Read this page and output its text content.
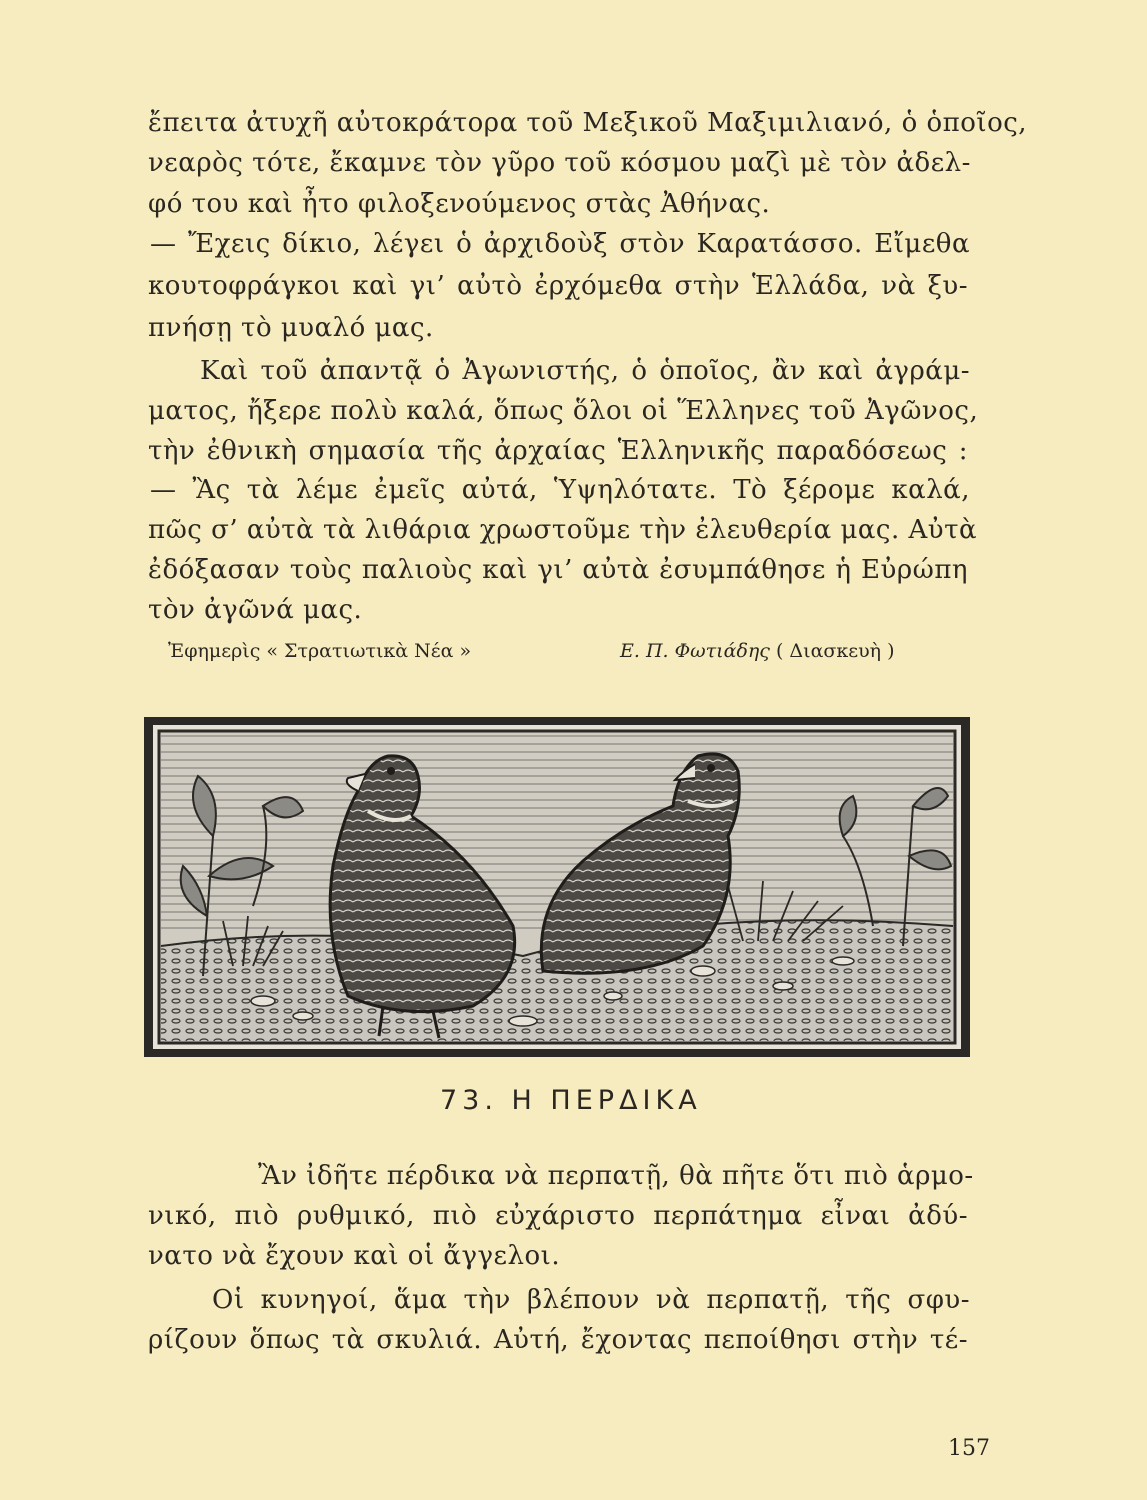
ἔπειτα ἀτυχῆ αὐτοκράτορα τοῦ Μεξικοῦ Μαξιμιλιανό, ὁ ὁποῖος,
νεαρὸς τότε, ἔκαμνε τὸν γῦρο τοῦ κόσμου μαζὶ μὲ τὸν ἀδελ-
φό του καὶ ἦτο φιλοξενούμενος στὰς Ἀθήνας.
— Ἔχεις δίκιο, λέγει ὁ ἀρχιδοὺξ στὸν Καρατάσσο. Εἴμεθα
κουτοφράγκοι καὶ γι’ αὐτὸ ἐρχόμεθα στὴν Ἑλλάδα, νὰ ξυ-
πνήσῃ τὸ μυαλό μας.
Καὶ τοῦ ἀπαντᾷ ὁ Ἀγωνιστής, ὁ ὁποῖος, ἂν καὶ ἀγράμ-
ματος, ἤξερε πολὺ καλά, ὅπως ὅλοι οἱ Ἕλληνες τοῦ Ἀγῶνος,
τὴν ἐθνικὴ σημασία τῆς ἀρχαίας Ἑλληνικῆς παραδόσεως :
— Ἂς τὰ λέμε ἐμεῖς αὐτά, Ὑψηλότατε. Τὸ ξέρομε καλά,
πῶς σ’ αὐτὰ τὰ λιθάρια χρωστοῦμε τὴν ἐλευθερία μας. Αὐτὰ
ἐδόξασαν τοὺς παλιοὺς καὶ γι’ αὐτὰ ἐσυμπάθησε ἡ Εὐρώπη
τὸν ἀγῶνά μας.
Ἐφημερὶς « Στρατιωτικὰ Νέα »	Ε. Π. Φωτιάδης ( Διασκευὴ )
73. Η ΠΕΡΔΙΚΑ
Ἂν ἰδῆτε πέρδικα νὰ περπατῇ, θὰ πῆτε ὅτι πιὸ ἁρμο-
νικό, πιὸ ρυθμικό, πιὸ εὐχάριστο περπάτημα εἶναι ἀδύ-
νατο νὰ ἔχουν καὶ οἱ ἄγγελοι.
Οἱ κυνηγοί, ἅμα τὴν βλέπουν νὰ περπατῇ, τῆς σφυ-
ρίζουν ὅπως τὰ σκυλιά. Αὐτή, ἔχοντας πεποίθησι στὴν τέ-
157
